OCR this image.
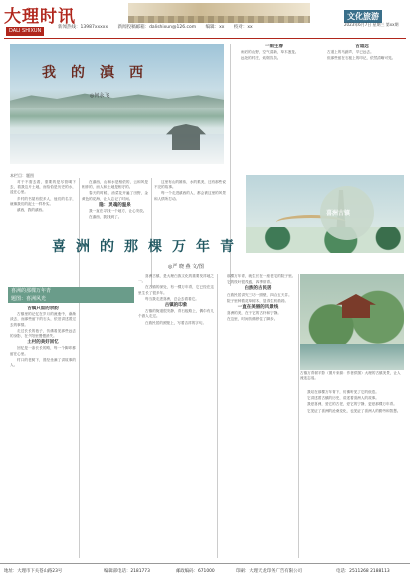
大理时讯
DALI SHIXUN
新闻热线：13987xxxxx 新闻投稿邮箱：dalishixun@126.com 编辑：xx 校对：xx
文化旅游
2023年6月7日 星期三 第xx期
我的滇西
◎何永飞
本栏目：题图

对于不需去看，需要的是尽管喝下去，看我这片土地，而恰恰是历史的水，浸在心里。

乡村的书屋有很多人，他们的名字，就像我们的泥土一样朴实。

滇西，我的滇西。

古镇只留的余韵

古镇里的记忆在岁月的流逝中，渐渐淡去，而那些留下的石头，依旧讲述着过去的事情。

走过长长的巷子，仿佛看见那些远去的身影，在夕阳里慢慢消失。

土村的美好回忆

回忆是一条长长的路，每一个脚印都留在心里。

村口的老树下，曾经坐满了讲故事的人。

在滇西，山和水是相依的，云和风是相伴的，而人和土地是相守的。

春天的时候，油菜花开遍了田野，金黄色的花海，让人忘记了时间。

隐：灵魂的温泉

我一直在寻找一个地方，让心安放。

在滇西，我找到了。

这里有山的雄伟，水的柔美，还有那些说不完的故事。

每一个走进滇西的人，都会被这里的风景和人情所打动。

一雨生春

雨后的山野，空气清新，草木葱茏。

远处的村庄，炊烟袅袅。

古道远

古道上的马蹄声，早已远去。

但那些留在石板上的印记，依然清晰可见。

喜洲古镇
喜洲的那棵万年青
题图：喜洲风光
喜洲的那棵万年青
◎严 晓 燕 文/图

喜洲古镇，是大理白族文化的重要发祥地之一。

在古镇的深处，有一棵万年青，它已经在这里生长了很多年。

每当我走进喜洲，总会去看看它。

古镇的印象

古镇的街道很安静，青石板路上，偶尔有几个游人走过。

白族民居的照壁上，写着吉祥的字句。

那棵万年青，就生长在一座老宅的院子里。

它的枝叶很茂盛，四季常青。

白族的古民居

白族民居讲究三坊一照壁，四合五天井。

院子里种着花草树木，显得生机勃勃。

一直在美丽的风景线

喜洲的美，在于它的古朴和宁静。

在这里，时间仿佛停住了脚步。

古镇万青树平影（图片来源：作者供图）大理的古镇美景，让人流连忘返。

我站在那棵万年青下，仿佛听见了它的低语。

它讲述着古镇的历史，讲述着喜洲人的故事。

我爱喜洲，爱它的古老，爱它的宁静，更爱那棵万年青。

它见证了喜洲的沧桑变化，也见证了喜洲人的勤劳和智慧。

地址：大理市下关苍山路23号	编辑部电话：2181773	邮政编码：671000	印刷：大理天龙印务广告有限公司	电话：2511268 2188113
